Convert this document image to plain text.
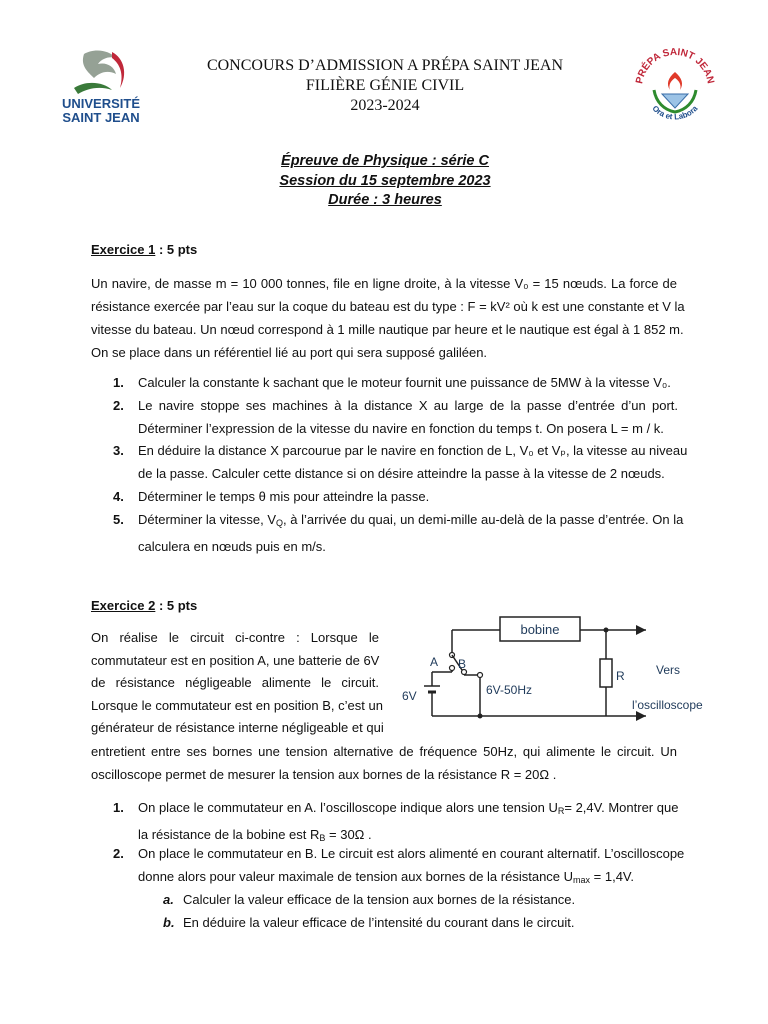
UNIVERSITÉ
SAINT JEAN
CONCOURS D’ADMISSION A PRÉPA SAINT JEAN
FILIÈRE GÉNIE CIVIL
2023-2024
PRÉPA SAINT JEAN
Ora et Labora
Épreuve de Physique : série C
Session du 15 septembre 2023
Durée : 3 heures
Exercice 1 : 5 pts
Un navire, de masse m = 10 000 tonnes, file en ligne droite, à la vitesse V₀ = 15 nœuds. La force de
résistance exercée par l’eau sur la coque du bateau est du type : F = kV² où k est une constante et V la
vitesse du bateau. Un nœud correspond à 1 mille nautique par heure et le nautique est égal à 1 852 m.
On se place dans un référentiel lié au port qui sera supposé galiléen.
1. Calculer la constante k sachant que le moteur fournit une puissance de 5MW à la vitesse V₀.
2. Le navire stoppe ses machines à la distance X au large de la passe d’entrée d’un port.
Déterminer l’expression de la vitesse du navire en fonction du temps t. On posera L = m / k.
3. En déduire la distance X parcourue par le navire en fonction de L, V₀ et Vₚ, la vitesse au niveau
de la passe. Calculer cette distance si on désire atteindre la passe à la vitesse de 2 nœuds.
4. Déterminer le temps θ mis pour atteindre la passe.
5. Déterminer la vitesse, $V_Q$, à l’arrivée du quai, un demi-mille au-delà de la passe d’entrée. On la
calculera en nœuds puis en m/s.
Exercice 2 : 5 pts
On réalise le circuit ci-contre : Lorsque le
commutateur est en position A, une batterie de 6V
de résistance négligeable alimente le circuit.
Lorsque le commutateur est en position B, c’est un
générateur de résistance interne négligeable et qui
bobine
R
6V
A B
6V-50Hz
Vers
l’oscilloscope
entretient entre ses bornes une tension alternative de fréquence 50Hz, qui alimente le circuit. Un
oscilloscope permet de mesurer la tension aux bornes de la résistance R = 20Ω .
1. On place le commutateur en A. l’oscilloscope indique alors une tension $U_R= 2,4V$. Montrer que
la résistance de la bobine est $R_B = 30\Omega$ .
2. On place le commutateur en B. Le circuit est alors alimenté en courant alternatif. L’oscilloscope
donne alors pour valeur maximale de tension aux bornes de la résistance $U_{max} = 1,4V$.
a. Calculer la valeur efficace de la tension aux bornes de la résistance.
b. En déduire la valeur efficace de l’intensité du courant dans le circuit.
